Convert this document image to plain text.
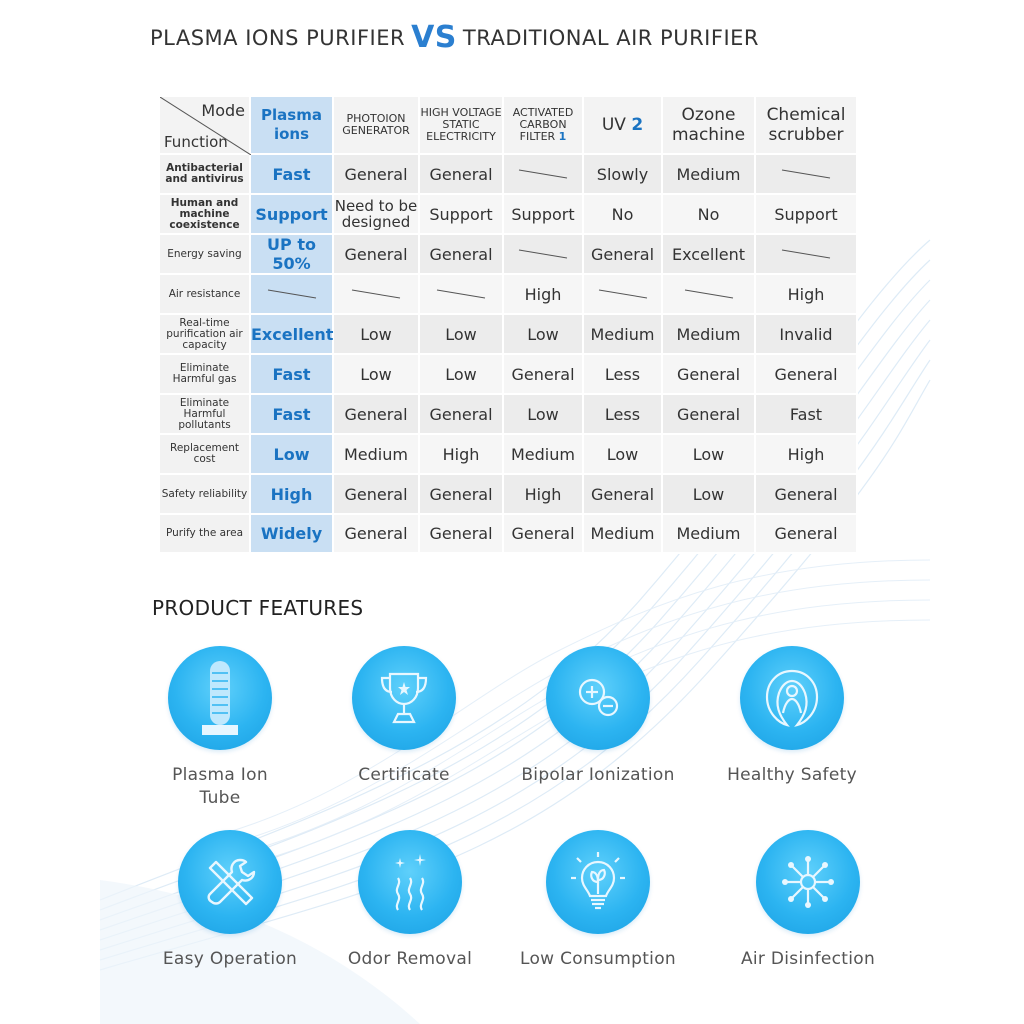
PLASMA IONS PURIFIER VS TRADITIONAL AIR PURIFIER
Mode
Function	Plasma ions	PHOTOION GENERATOR	HIGH VOLTAGE STATIC ELECTRICITY	ACTIVATED CARBON FILTER 1	UV 2	Ozone machine	Chemical scrubber
Antibacterial and antivirus	Fast	General	General		Slowly	Medium	

Human and machine coexistence	Support	Need to be designed	Support	Support	No	No	Support
Energy saving	UP to 50%	General	General		General	Excellent	

Air resistance				High			High
Real-time purification air capacity	Excellent	Low	Low	Low	Medium	Medium	Invalid
Eliminate Harmful gas	Fast	Low	Low	General	Less	General	General
Eliminate Harmful pollutants	Fast	General	General	Low	Less	General	Fast
Replacement cost	Low	Medium	High	Medium	Low	Low	High
Safety reliability	High	General	General	High	General	Low	General
Purify the area	Widely	General	General	General	Medium	Medium	General
PRODUCT FEATURES
Plasma Ion
Tube
Certificate	Bipolar Ionization	Healthy Safety
Easy Operation	Odor Removal	Low Consumption	Air Disinfection
